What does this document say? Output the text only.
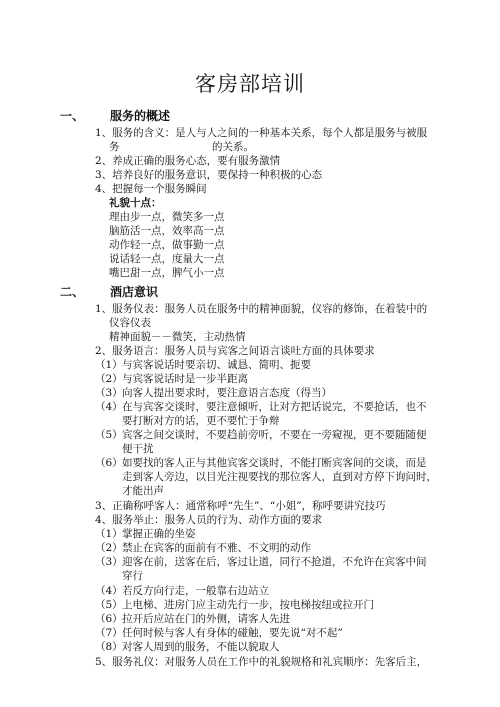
客房部培训
一、 服务的概述
1、服务的含义：是人与人之间的一种基本关系，每个人都是服务与被服
务	的关系。
2、养成正确的服务心态，要有服务激情
3、培养良好的服务意识，要保持一种积极的心态
4、把握每一个服务瞬间
礼貌十点：
理由步一点，微笑多一点
脑筋活一点，效率高一点
动作轻一点，做事勤一点
说话轻一点，度量大一点
嘴巴甜一点，脾气小一点
二、 酒店意识
1、服务仪表：服务人员在服务中的精神面貌，仪容的修饰，在着装中的
仪容仪表
精神面貌－－微笑，主动热情
2、服务语言：服务人员与宾客之间语言谈吐方面的具体要求
（1） 与宾客说话时要亲切、诚恳、简明、扼要
（2） 与宾客说话时是一步半距离
（3） 向客人提出要求时，要注意语言态度（得当）
（4） 在与宾客交谈时，要注意倾听，让对方把话说完，不要抢话，也不
要打断对方的话，更不要忙于争辩
（5） 宾客之间交谈时，不要趋前旁听，不要在一旁窥视，更不要随随便
便干扰
（6） 如要找的客人正与其他宾客交谈时，不能打断宾客间的交谈，而是
走到客人旁边，以目光注视要找的那位客人，直到对方停下询问时，
才能出声
3、正确称呼客人：通常称呼“先生”、“小姐”，称呼要讲究技巧
4、服务举止：服务人员的行为、动作方面的要求
（1） 掌握正确的坐姿
（2） 禁止在宾客的面前有不雅、不文明的动作
（3） 迎客在前，送客在后，客过让道，同行不抢道，不允许在宾客中间
穿行
（4） 若反方向行走，一般靠右边站立
（5） 上电梯、进房门应主动先行一步，按电梯按纽或拉开门
（6） 拉开后应站在门的外侧，请客人先进
（7） 任何时候与客人有身体的碰触，要先说“对不起”
（8） 对客人周到的服务，不能以貌取人
5、服务礼仪：对服务人员在工作中的礼貌规格和礼宾顺序：先客后主，
